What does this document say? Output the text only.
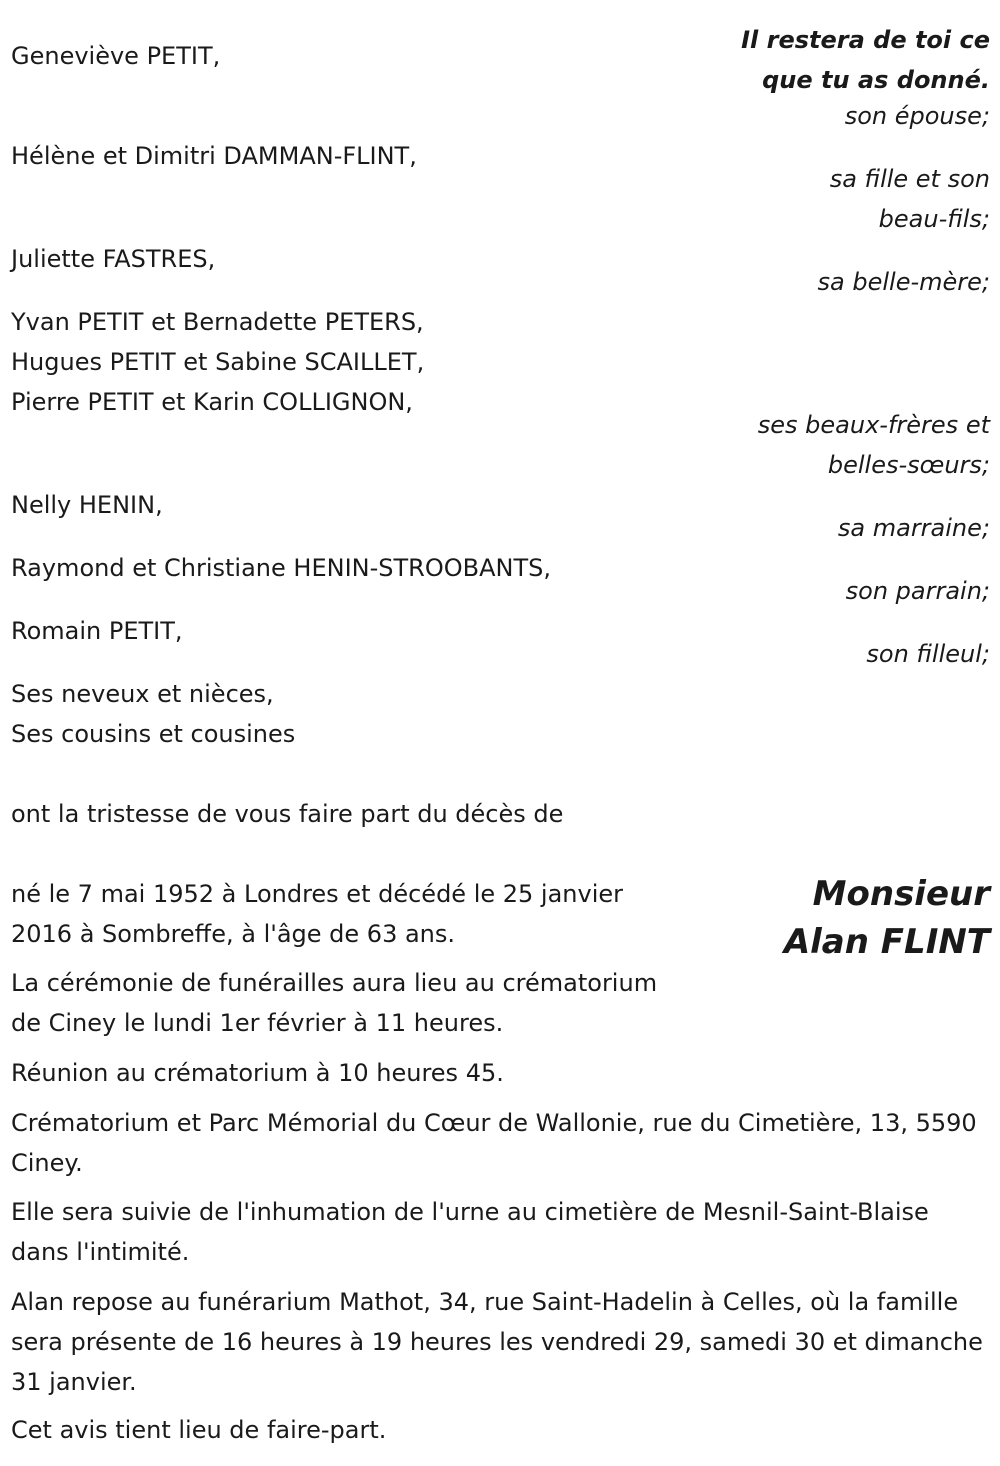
Il restera de toi ce

que tu as donné.

Geneviève PETIT,

Hélène et Dimitri DAMMAN-FLINT,

Juliette FASTRES,

Yvan PETIT et Bernadette PETERS,

Hugues PETIT et Sabine SCAILLET,

Pierre PETIT et Karin COLLIGNON,

Nelly HENIN,

Raymond et Christiane HENIN-STROOBANTS,

Romain PETIT,

Ses neveux et nièces,

Ses cousins et cousines

son épouse;

sa fille et son

beau-fils;

sa belle-mère;

ses beaux-frères et

belles-sœurs;

sa marraine;

son parrain;

son filleul;

ont la tristesse de vous faire part du décès de

Monsieur

Alan FLINT

né le 7 mai 1952 à Londres et décédé le 25 janvier

2016 à Sombreffe, à l'âge de 63 ans.

La cérémonie de funérailles aura lieu au crématorium

de Ciney le lundi 1er février à 11 heures.

Réunion au crématorium à 10 heures 45.

Crématorium et Parc Mémorial du Cœur de Wallonie, rue du Cimetière, 13, 5590 Ciney.

Elle sera suivie de l'inhumation de l'urne au cimetière de Mesnil-Saint-Blaise dans l'intimité.

Alan repose au funérarium Mathot, 34, rue Saint-Hadelin à Celles, où la famille sera présente de 16 heures à 19 heures les vendredi 29, samedi 30 et dimanche 31 janvier.

Cet avis tient lieu de faire-part.
